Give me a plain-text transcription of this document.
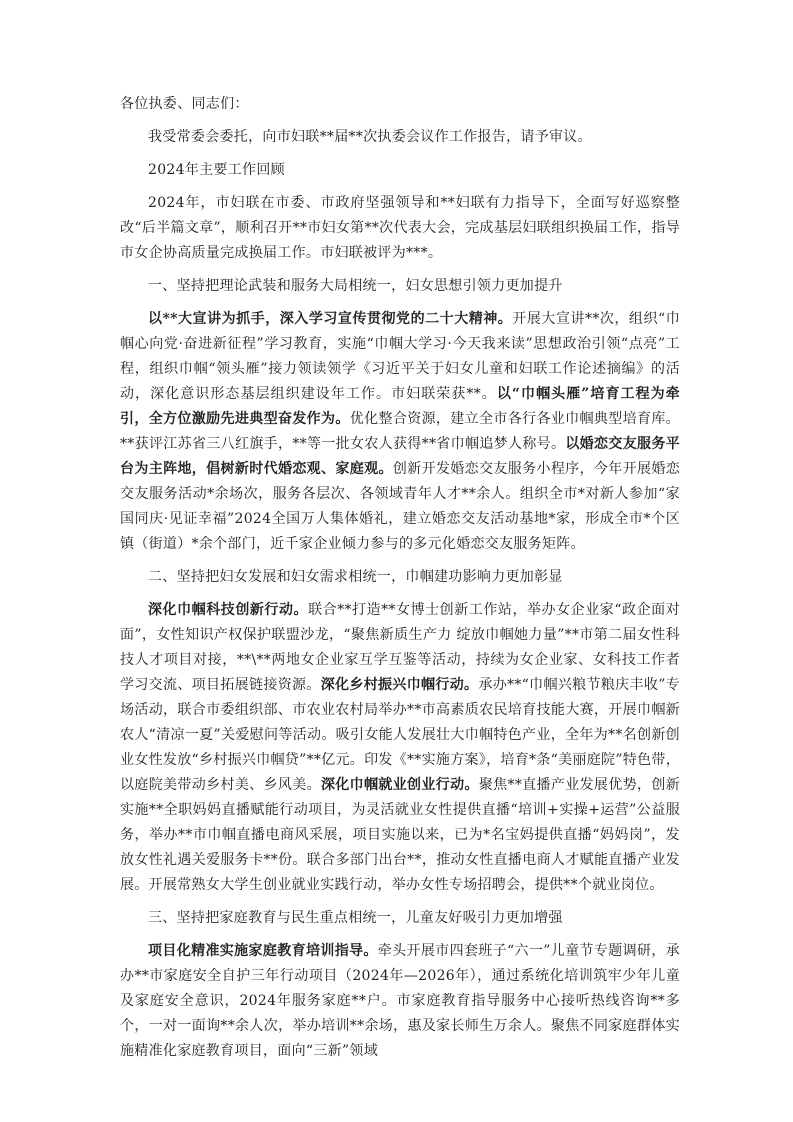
各位执委、同志们：

我受常委会委托，向市妇联**届**次执委会议作工作报告，请予审议。

2024年主要工作回顾

2024年，市妇联在市委、市政府坚强领导和**妇联有力指导下，全面写好巡察整改“后半篇文章”，顺利召开**市妇女第**次代表大会，完成基层妇联组织换届工作，指导市女企协高质量完成换届工作。市妇联被评为***。

一、坚持把理论武装和服务大局相统一，妇女思想引领力更加提升

以**大宣讲为抓手，深入学习宣传贯彻党的二十大精神。开展大宣讲**次，组织“巾帼心向党·奋进新征程”学习教育，实施“巾帼大学习·今天我来读”思想政治引领“点亮”工程，组织巾帼“领头雁”接力领读领学《习近平关于妇女儿童和妇联工作论述摘编》的活动，深化意识形态基层组织建设年工作。市妇联荣获**。以“巾帼头雁”培育工程为牵引，全方位激励先进典型奋发作为。优化整合资源，建立全市各行各业巾帼典型培育库。**获评江苏省三八红旗手，**等一批女农人获得**省巾帼追梦人称号。以婚恋交友服务平台为主阵地，倡树新时代婚恋观、家庭观。创新开发婚恋交友服务小程序，今年开展婚恋交友服务活动*余场次，服务各层次、各领域青年人才**余人。组织全市*对新人参加“家国同庆·见证幸福”2024全国万人集体婚礼，建立婚恋交友活动基地*家，形成全市*个区镇（街道）*余个部门，近千家企业倾力参与的多元化婚恋交友服务矩阵。

二、坚持把妇女发展和妇女需求相统一，巾帼建功影响力更加彰显

深化巾帼科技创新行动。联合**打造**女博士创新工作站，举办女企业家“政企面对面”，女性知识产权保护联盟沙龙，“聚焦新质生产力 绽放巾帼她力量”**市第二届女性科技人才项目对接，**\**两地女企业家互学互鉴等活动，持续为女企业家、女科技工作者学习交流、项目拓展链接资源。深化乡村振兴巾帼行动。承办**“巾帼兴粮节粮庆丰收”专场活动，联合市委组织部、市农业农村局举办**市高素质农民培育技能大赛，开展巾帼新农人“清凉一夏”关爱慰问等活动。吸引女能人发展壮大巾帼特色产业，全年为**名创新创业女性发放“乡村振兴巾帼贷”**亿元。印发《**实施方案》，培育*条“美丽庭院”特色带，以庭院美带动乡村美、乡风美。深化巾帼就业创业行动。聚焦**直播产业发展优势，创新实施**全职妈妈直播赋能行动项目，为灵活就业女性提供直播“培训+实操+运营”公益服务，举办**市巾帼直播电商风采展，项目实施以来，已为*名宝妈提供直播“妈妈岗”，发放女性礼遇关爱服务卡**份。联合多部门出台**，推动女性直播电商人才赋能直播产业发展。开展常熟女大学生创业就业实践行动，举办女性专场招聘会，提供**个就业岗位。

三、坚持把家庭教育与民生重点相统一，儿童友好吸引力更加增强

项目化精准实施家庭教育培训指导。牵头开展市四套班子“六一”儿童节专题调研，承办**市家庭安全自护三年行动项目（2024年—2026年），通过系统化培训筑牢少年儿童及家庭安全意识，2024年服务家庭**户。市家庭教育指导服务中心接听热线咨询**多个，一对一面询**余人次，举办培训**余场，惠及家长师生万余人。聚焦不同家庭群体实施精准化家庭教育项目，面向“三新”领域
